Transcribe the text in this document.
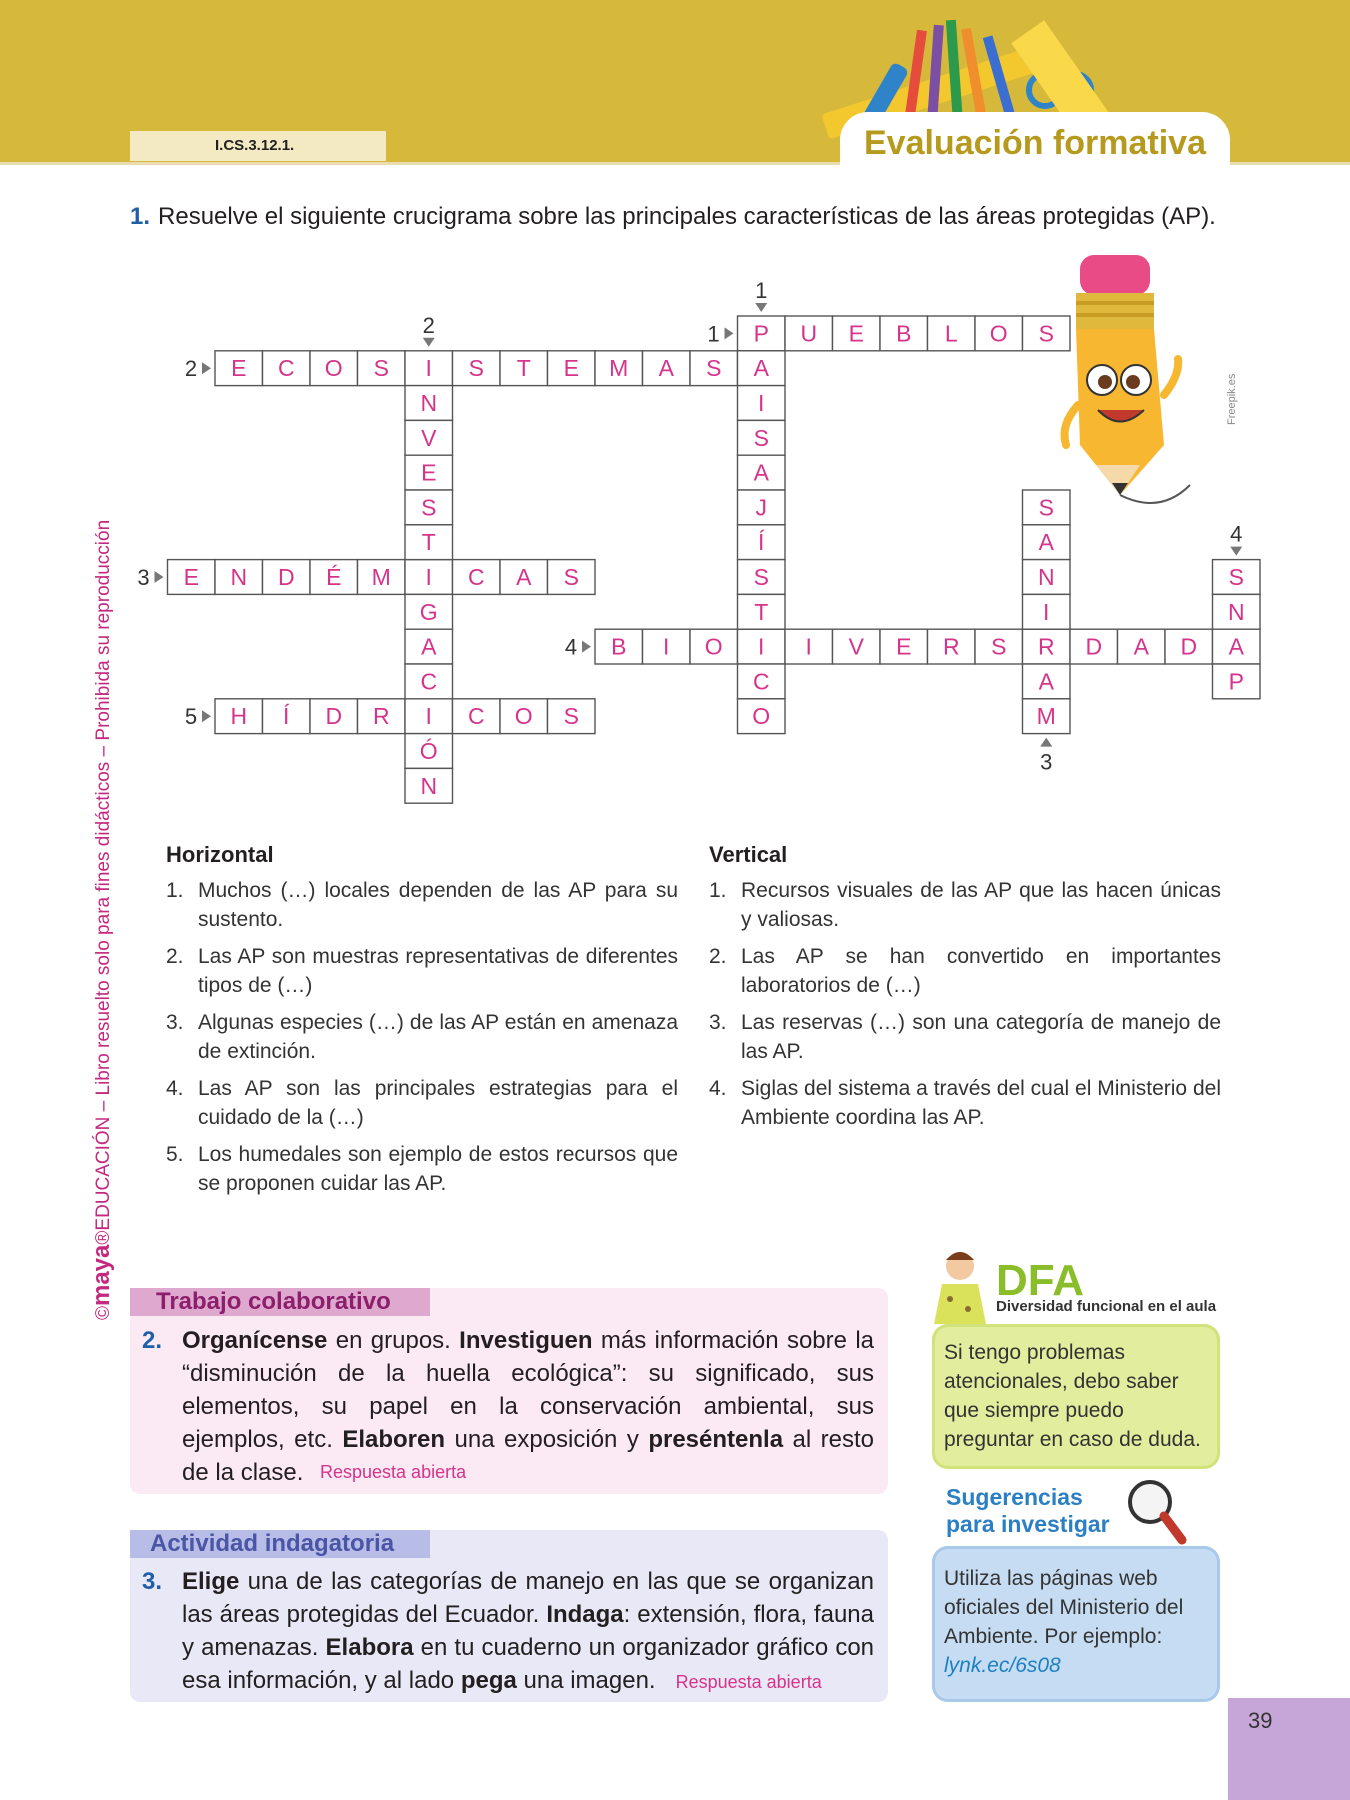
I.CS.3.12.1.	Evaluación formativa
©maya®EDUCACIÓN – Libro resuelto solo para fines didácticos – Prohibida su reproducción
1. Resuelve el siguiente crucigrama sobre las principales características de las áreas protegidas (AP).
P U E B L O S
E C O S I S T E M A S
E N D É M I C A S
B I O I I V E R S R D A D
H Í D R I C O S
A
I
S
A
J
Í
S
T
C
O
N
V
E
S
T
G
A
C
Ó
N
S
A
N
I
A
M
S
N
A
P
1
2
3
4
5
1
2
4
3
Freepik.es
Horizontal
1. Muchos (…) locales dependen de las AP para su sustento.
2. Las AP son muestras representativas de diferentes tipos de (…)
3. Algunas especies (…) de las AP están en amenaza de extinción.
4. Las AP son las principales estrategias para el cuidado de la (…)
5. Los humedales son ejemplo de estos recursos que se proponen cuidar las AP.
Vertical
1. Recursos visuales de las AP que las hacen únicas y valiosas.
2. Las AP se han convertido en importantes laboratorios de (…)
3. Las reservas (…) son una categoría de manejo de las AP.
4. Siglas del sistema a través del cual el Ministerio del Ambiente coordina las AP.
Trabajo colaborativo
2. Organícense en grupos. Investiguen más información sobre la “disminución de la huella ecológica”: su significado, sus elementos, su papel en la conservación ambiental, sus ejemplos, etc. Elaboren una exposición y preséntenla al resto de la clase. Respuesta abierta
Actividad indagatoria
3. Elige una de las categorías de manejo en las que se organizan las áreas protegidas del Ecuador. Indaga: extensión, flora, fauna y amenazas. Elabora en tu cuaderno un organizador gráfico con esa información, y al lado pega una imagen. Respuesta abierta
DFA
Diversidad funcional en el aula
Si tengo problemas atencionales, debo saber que siempre puedo preguntar en caso de duda.
Sugerencias
para investigar
Utiliza las páginas web oficiales del Ministerio del Ambiente. Por ejemplo: lynk.ec/6s08
39
